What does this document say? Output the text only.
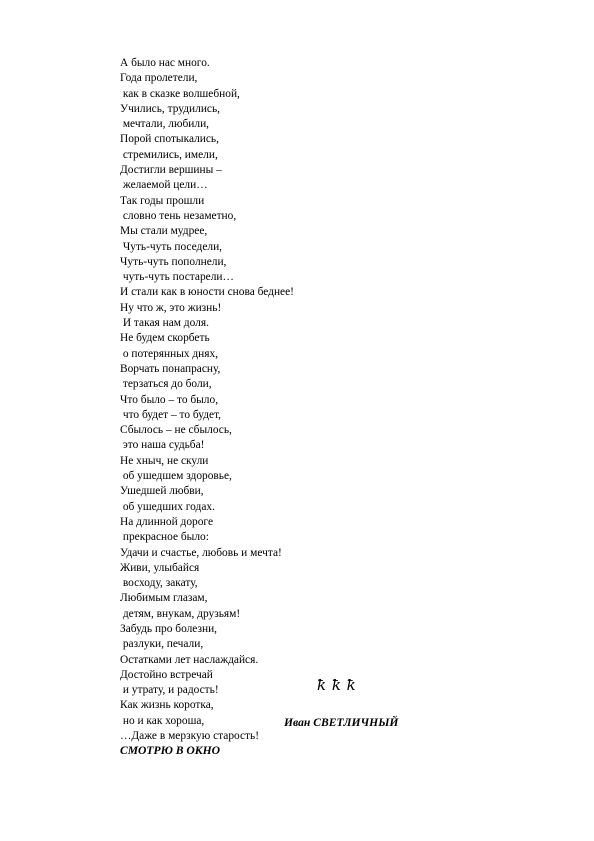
А было нас много.
Года пролетели,
как в сказке волшебной,
Учились, трудились,
мечтали, любили,
Порой спотыкались,
стремились, имели,
Достигли вершины –
желаемой цели…
Так годы прошли
словно тень незаметно,
Мы стали мудрее,
Чуть-чуть поседели,
Чуть-чуть пополнели,
чуть-чуть постарели…
И стали как в юности снова беднее!
Ну что ж, это жизнь!
И такая нам доля.
Не будем скорбеть
о потерянных днях,
Ворчать понапрасну,
терзаться до боли,
Что было – то было,
что будет – то будет,
Сбылось – не сбылось,
это наша судьба!
Не хныч, не скули
об ушедшем здоровье,
Ушедшей любви,
об ушедших годах.
На длинной дороге
прекрасное было:
Удачи и счастье, любовь и мечта!
Живи, улыбайся
восходу, закату,
Любимым глазам,
детям, внукам, друзьям!
Забудь про болезни,
разлуки, печали,
Остатками лет наслаждайся.
Достойно встречай
и утрату, и радость!
Как жизнь коротка,
но и как хороша,
…Даже в мерзкую старость!
ꝁ ꝁ ꝁ
Иван СВЕТЛИЧНЫЙ
СМОТРЮ В ОКНО
